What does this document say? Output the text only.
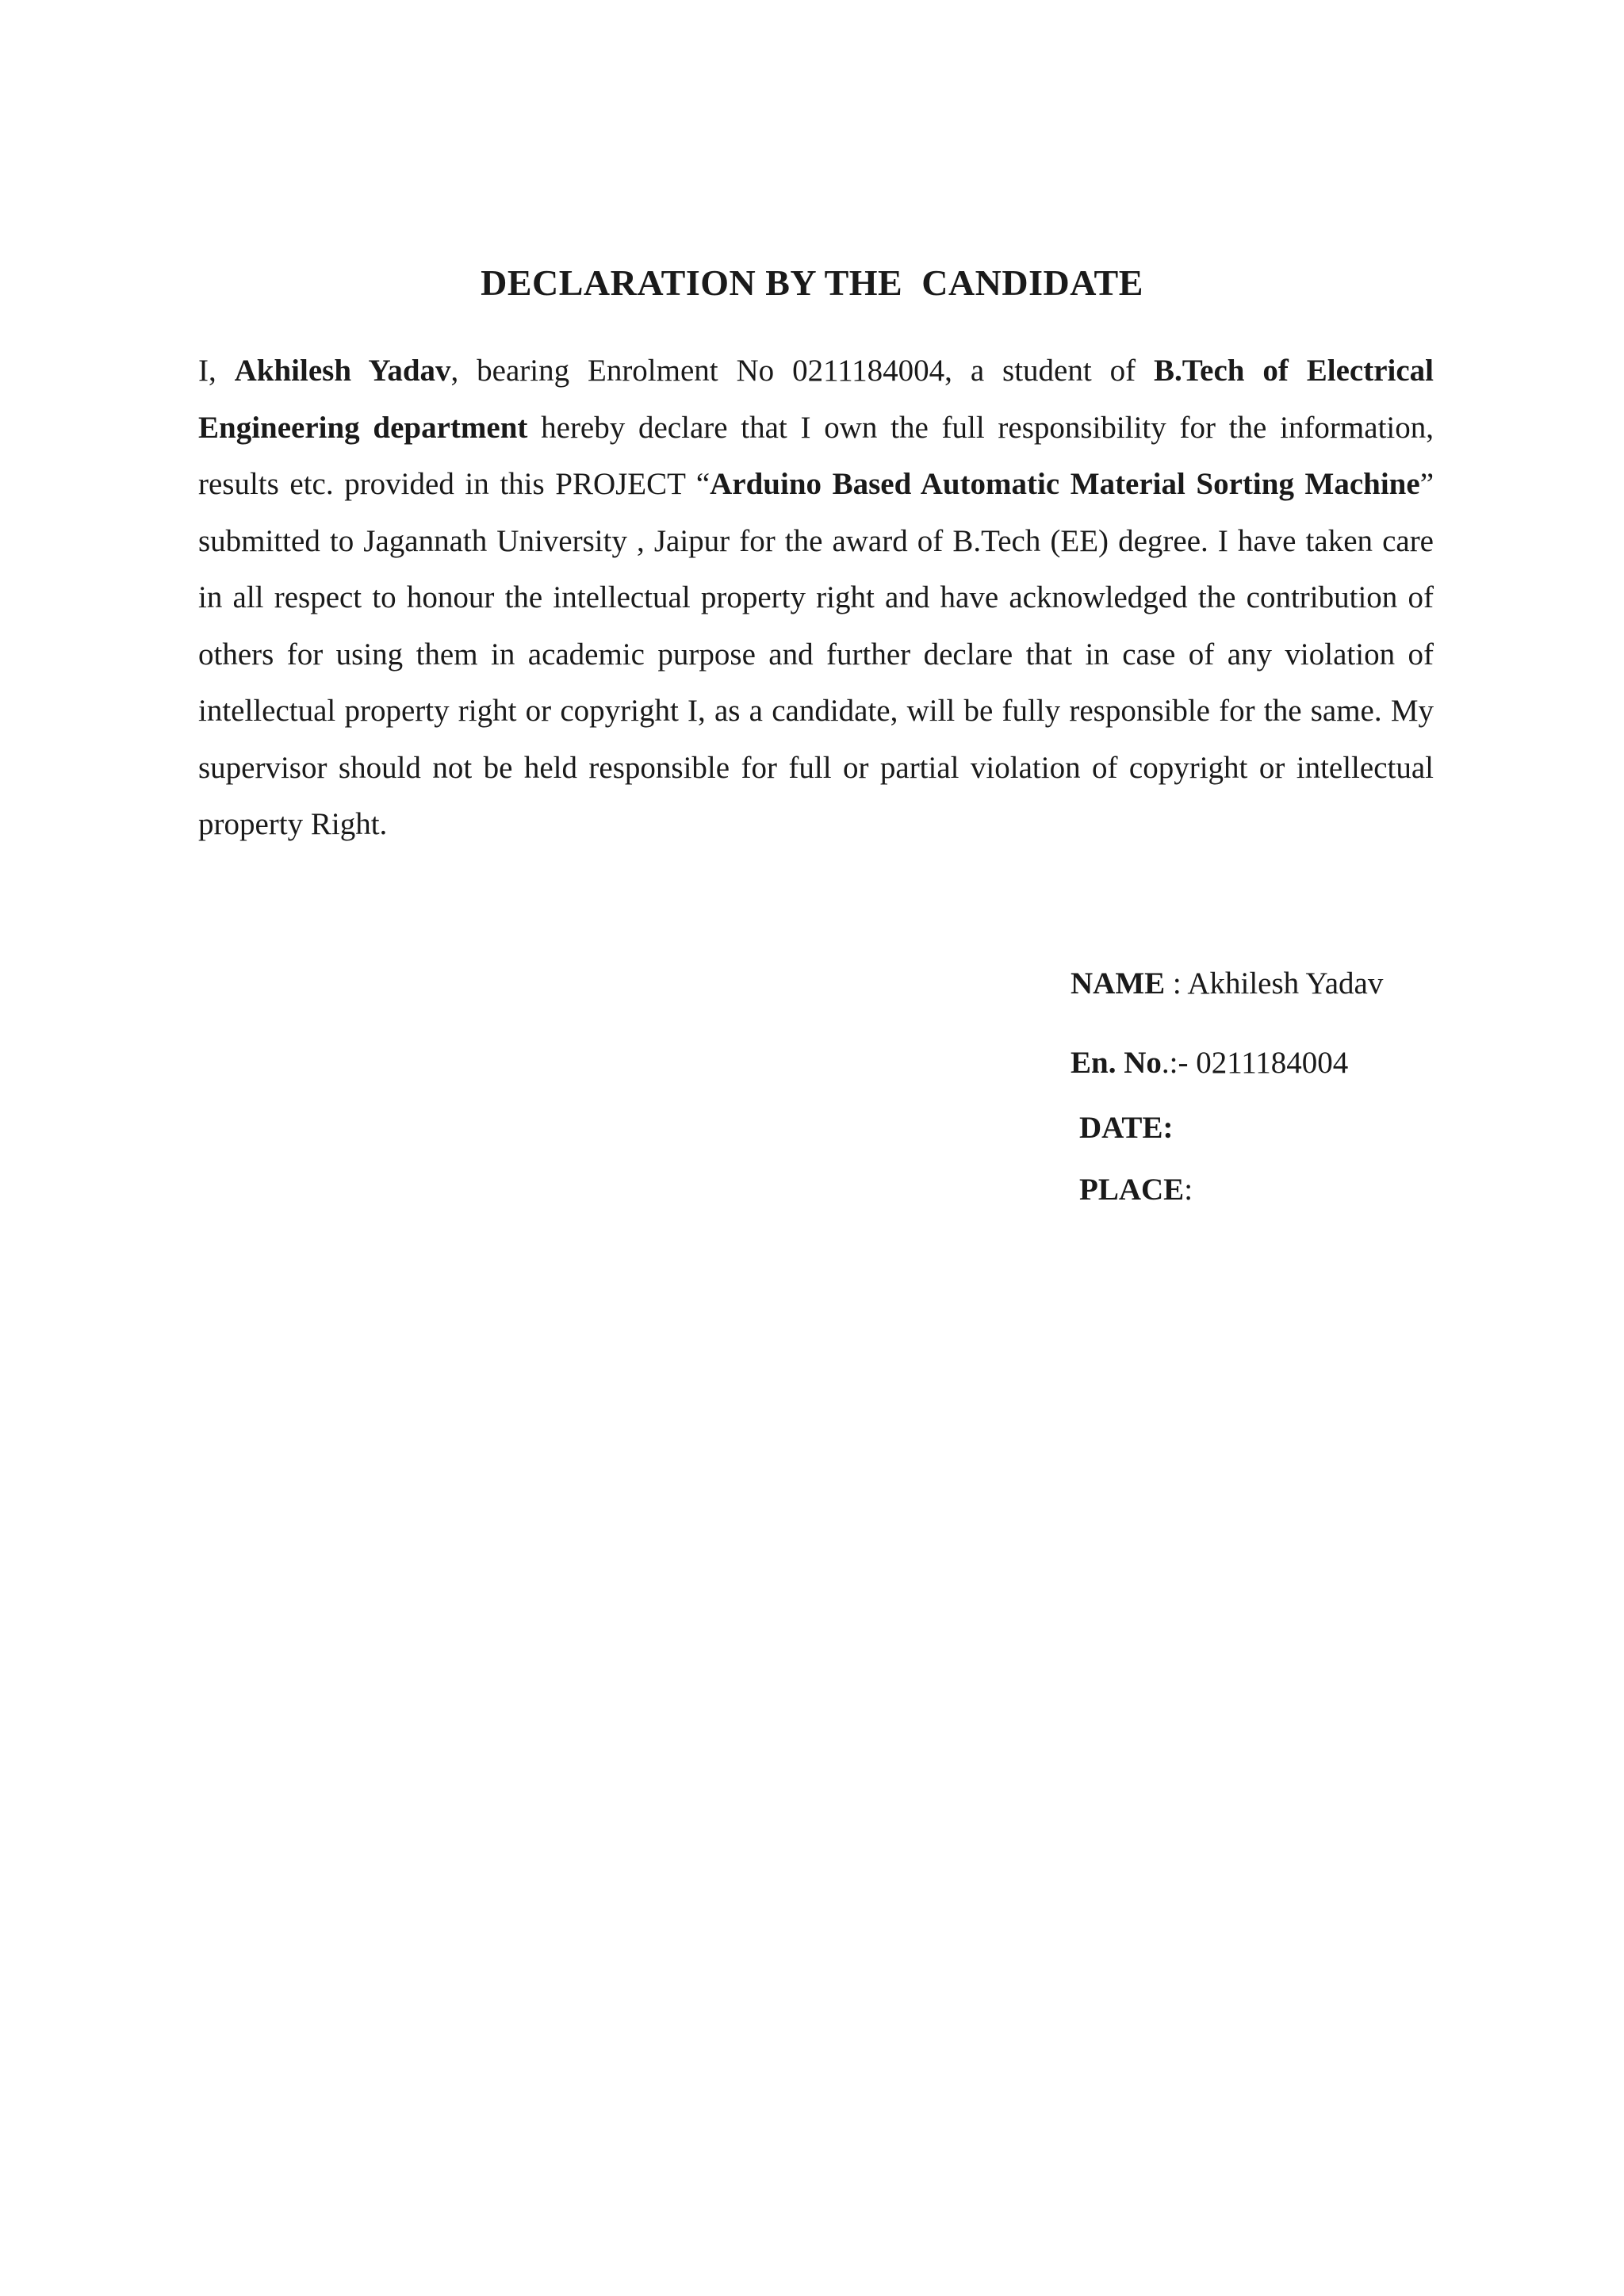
DECLARATION BY THE  CANDIDATE
I, Akhilesh Yadav, bearing Enrolment No 0211184004, a student of B.Tech of Electrical Engineering department hereby declare that I own the full responsibility for the information, results etc. provided in this PROJECT “Arduino Based Automatic Material Sorting Machine” submitted to Jagannath University , Jaipur for the award of B.Tech (EE) degree. I have taken care in all respect to honour the intellectual property right and have acknowledged the contribution of others for using them in academic purpose and further declare that in case of any violation of intellectual property right or copyright I, as a candidate, will be fully responsible for the same. My supervisor should not be held responsible for full or partial violation of copyright or intellectual property Right.
NAME : Akhilesh Yadav
En. No.:- 0211184004
DATE:
PLACE:
